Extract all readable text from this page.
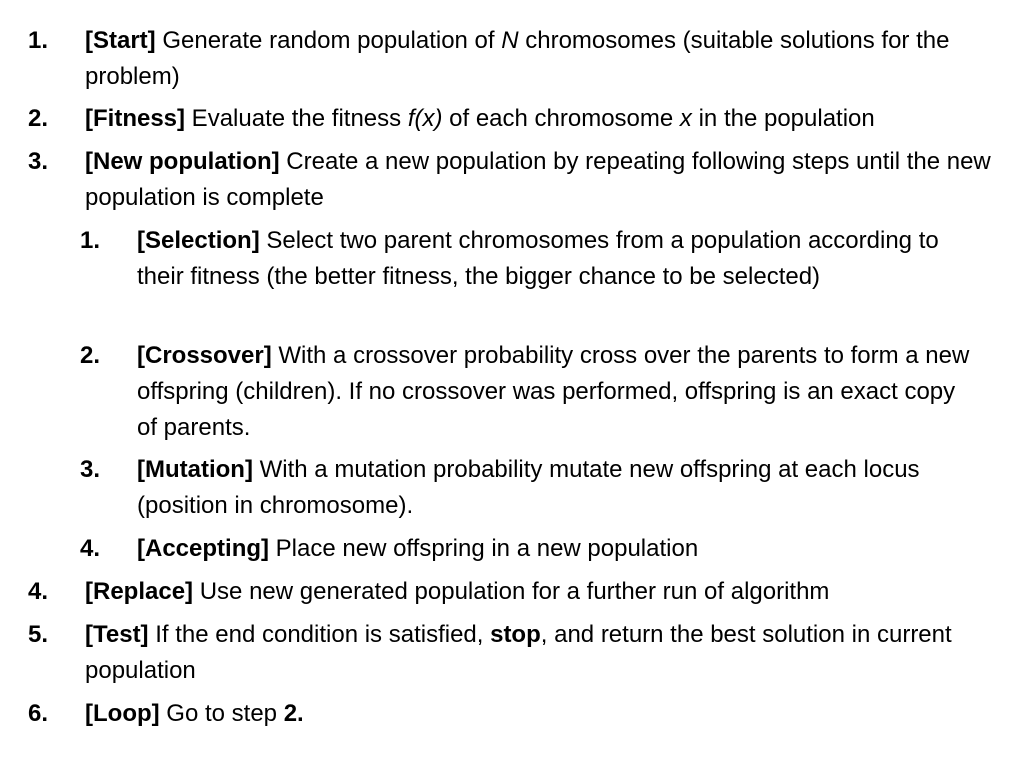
1.	[Start] Generate random population of N chromosomes (suitable solutions for the problem)
2.	[Fitness] Evaluate the fitness f(x) of each chromosome x in the population
3.	[New population] Create a new population by repeating following steps until the new population is complete
1.	[Selection] Select two parent chromosomes from a population according to their fitness (the better fitness, the bigger chance to be selected)
2.	[Crossover] With a crossover probability cross over the parents to form a new offspring (children). If no crossover was performed, offspring is an exact copy of parents.
3.	[Mutation] With a mutation probability mutate new offspring at each locus (position in chromosome).
4.	[Accepting] Place new offspring in a new population
4.	[Replace] Use new generated population for a further run of algorithm
5.	[Test] If the end condition is satisfied, stop, and return the best solution in current population
6.	[Loop] Go to step 2.
